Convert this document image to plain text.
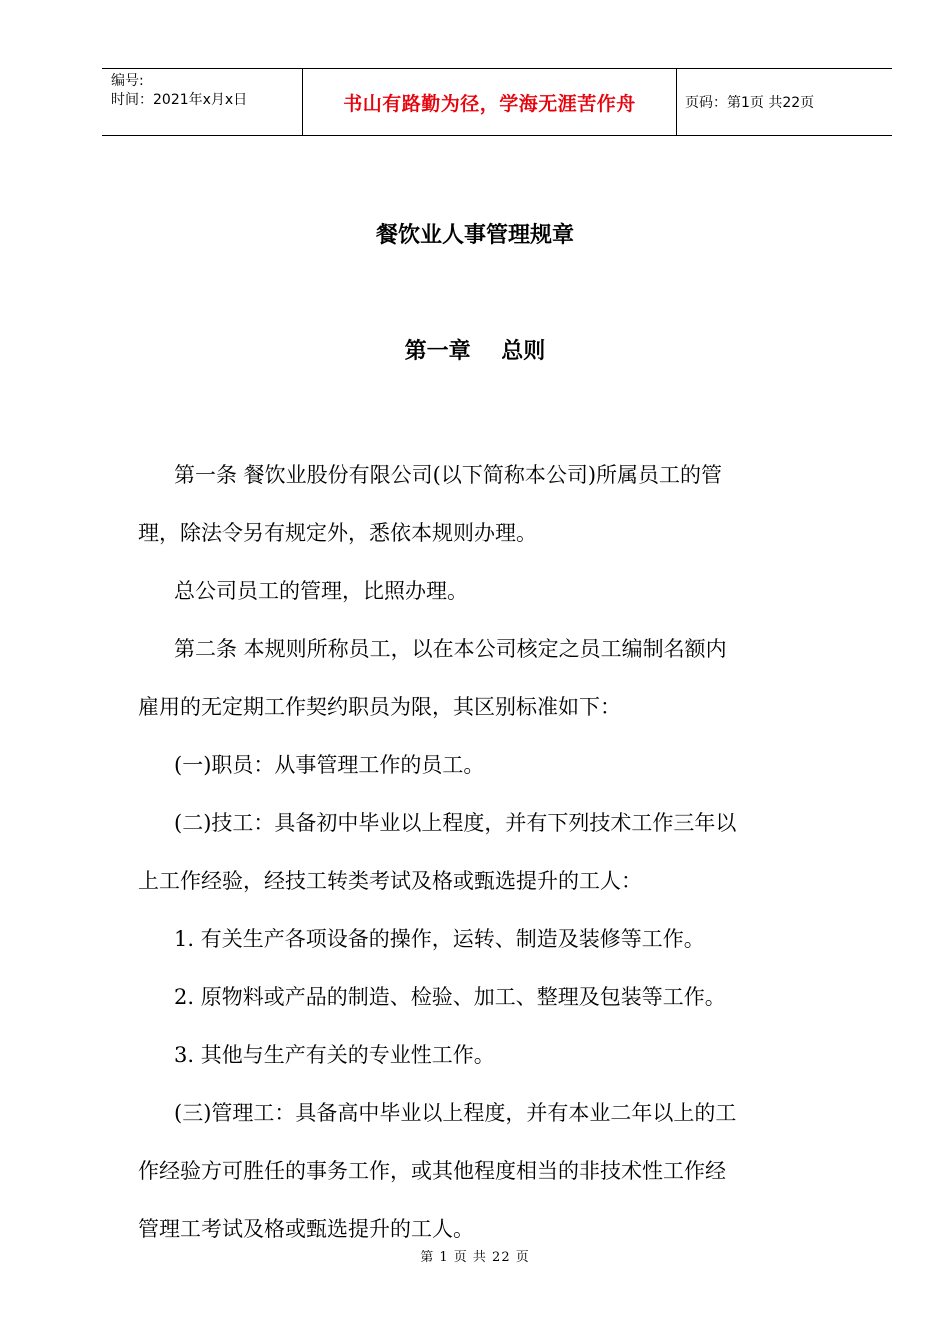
编号:
时间：2021年x月x日	书山有路勤为径，学海无涯苦作舟	页码：第1页 共22页
餐饮业人事管理规章
第一章    总则

第一条 餐饮业股份有限公司(以下简称本公司)所属员工的管

理，除法令另有规定外，悉依本规则办理。

总公司员工的管理，比照办理。

第二条 本规则所称员工，以在本公司核定之员工编制名额内

雇用的无定期工作契约职员为限，其区别标准如下：

(一)职员：从事管理工作的员工。

(二)技工：具备初中毕业以上程度，并有下列技术工作三年以

上工作经验，经技工转类考试及格或甄选提升的工人：

1. 有关生产各项设备的操作，运转、制造及装修等工作。

2. 原物料或产品的制造、检验、加工、整理及包装等工作。

3. 其他与生产有关的专业性工作。

(三)管理工：具备高中毕业以上程度，并有本业二年以上的工

作经验方可胜任的事务工作，或其他程度相当的非技术性工作经

管理工考试及格或甄选提升的工人。

第 1 页 共 22 页
